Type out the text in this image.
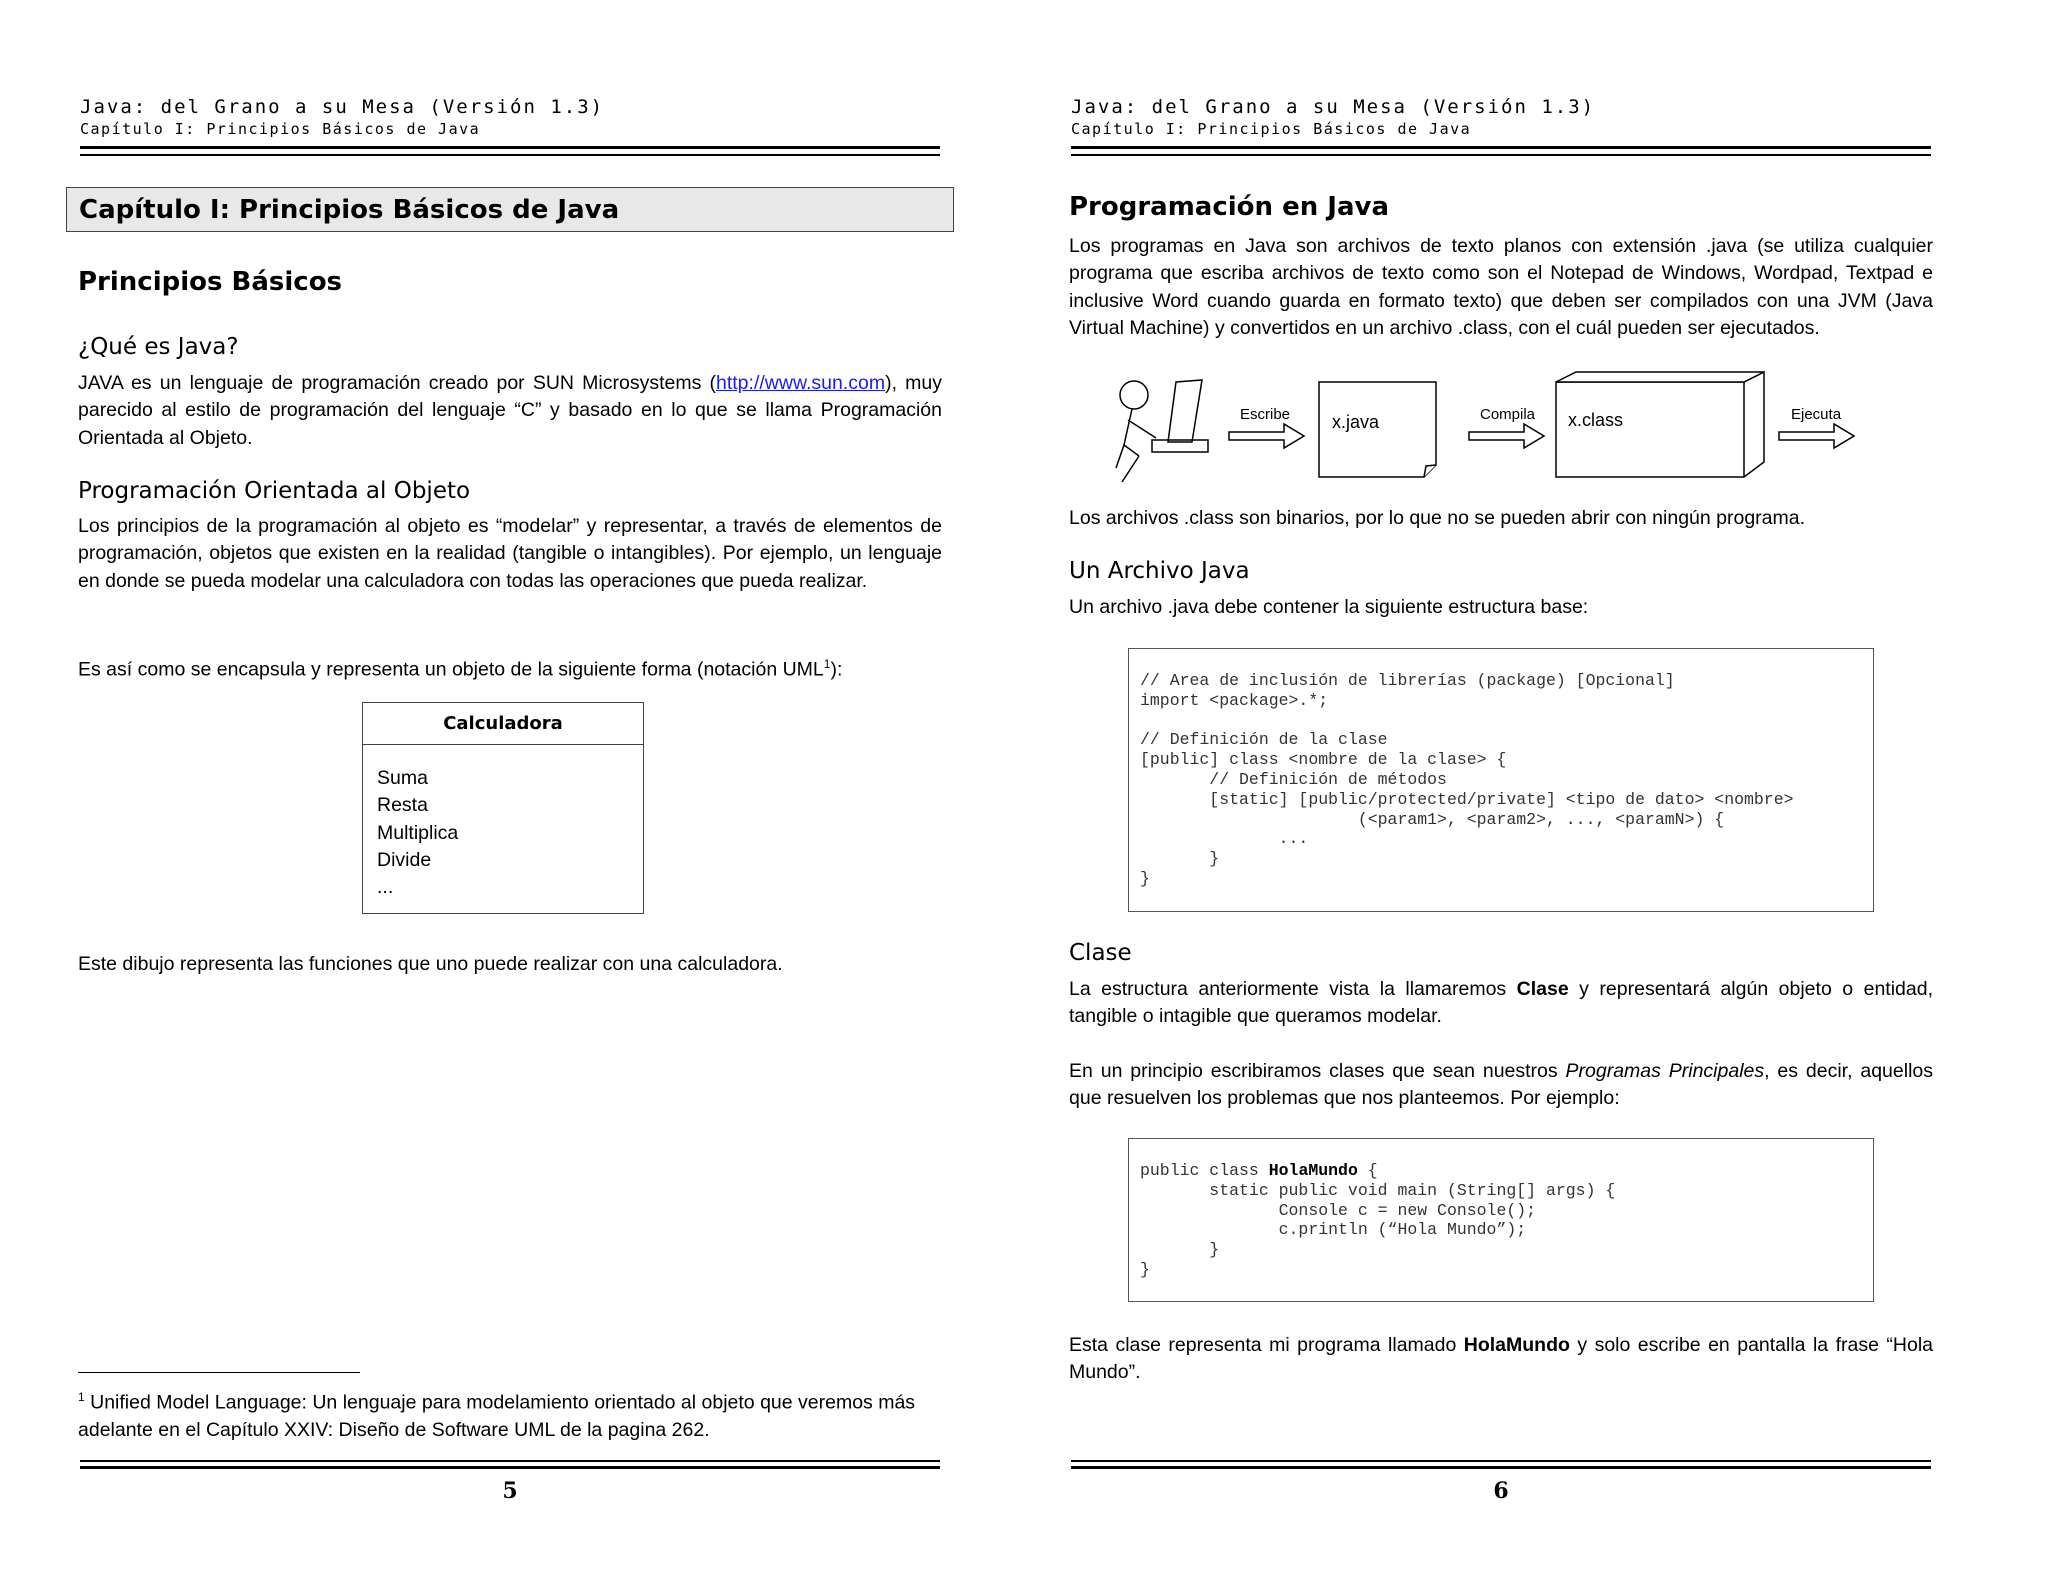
Java: del Grano a su Mesa (Versión 1.3)
Capítulo I: Principios Básicos de Java
Capítulo I: Principios Básicos de Java
Principios Básicos
¿Qué es Java?
JAVA es un lenguaje de programación creado por SUN Microsystems (http://www.sun.com), muy parecido al estilo de programación del lenguaje “C” y basado en lo que se llama Programación Orientada al Objeto.
Programación Orientada al Objeto
Los principios de la programación al objeto es “modelar” y representar, a través de elementos de programación, objetos que existen en la realidad (tangible o intangibles). Por ejemplo, un lenguaje en donde se pueda modelar una calculadora con todas las operaciones que pueda realizar.
Es así como se encapsula y representa un objeto de la siguiente forma (notación UML$^1$):
Calculadora
Suma
Resta
Multiplica
Divide
...
Este dibujo representa las funciones que uno puede realizar con una calculadora.
$^1$ Unified Model Language: Un lenguaje para modelamiento orientado al objeto que veremos más adelante en el Capítulo XXIV: Diseño de Software UML de la pagina 262.
5
Java: del Grano a su Mesa (Versión 1.3)
Capítulo I: Principios Básicos de Java
Programación en Java
Los programas en Java son archivos de texto planos con extensión .java (se utiliza cualquier programa que escriba archivos de texto como son el Notepad de Windows, Wordpad, Textpad e inclusive Word cuando guarda en formato texto) que deben ser compilados con una JVM (Java Virtual Machine) y convertidos en un archivo .class, con el cuál pueden ser ejecutados.
Escribe x.java	Compila x.class	Ejecuta
Los archivos .class son binarios, por lo que no se pueden abrir con ningún programa.
Un Archivo Java
Un archivo .java debe contener la siguiente estructura base:
// Area de inclusión de librerías (package) [Opcional]
import <package>.*;

// Definición de la clase
[public] class <nombre de la clase> {
// Definición de métodos
[static] [public/protected/private] <tipo de dato> <nombre>
(<param1>, <param2>, ..., <paramN>) {
...
}
}
Clase
La estructura anteriormente vista la llamaremos Clase y representará algún objeto o entidad, tangible o intagible que queramos modelar.
En un principio escribiramos clases que sean nuestros Programas Principales, es decir, aquellos que resuelven los problemas que nos planteemos. Por ejemplo:
public class HolaMundo {
static public void main (String[] args) {
Console c = new Console();
c.println (“Hola Mundo”);
}
}
Esta clase representa mi programa llamado HolaMundo y solo escribe en pantalla la frase “Hola Mundo”.
6
